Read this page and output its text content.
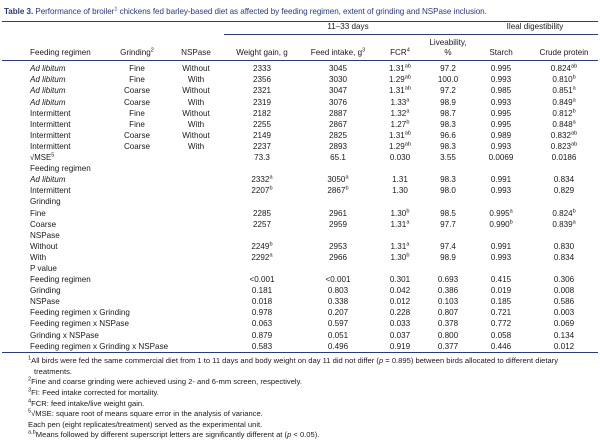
Table 3. Performance of broiler$^1$ chickens fed barley-based diet as affected by feeding regimen, extent of grinding and NSPase inclusion.
			11–33 days				Ileal digestibility	

						Liveability,		
Feeding regimen	Grinding$^2$	NSPase	Weight gain, g	Feed intake, $g^3$	FCR$^4$	%	Starch	Crude protein

Ad libitum	Fine	Without	2333	3045	1.31$^{ab}$	97.2	0.995	0.824$^{ab}$
Ad libitum	Fine	With	2356	3030	1.29$^{ab}$	100.0	0.993	0.810$^b$
Ad libitum	Coarse	Without	2321	3047	1.31$^{ab}$	97.2	0.985	0.851$^a$
Ad libitum	Coarse	With	2319	3076	1.33$^a$	98.9	0.993	0.849$^a$
Intermittent	Fine	Without	2182	2887	1.32$^a$	98.7	0.995	0.812$^b$
Intermittent	Fine	With	2255	2867	1.27$^b$	98.3	0.995	0.848$^a$
Intermittent	Coarse	Without	2149	2825	1.31$^{ab}$	96.6	0.989	0.832$^{ab}$
Intermittent	Coarse	With	2237	2893	1.29$^{ab}$	98.3	0.993	0.823$^{ab}$
√MSE$^5$			73.3	65.1	0.030	3.55	0.0069	0.0186
Feeding regimen								
Ad libitum			2332$^a$	3050$^a$	1.31	98.3	0.991	0.834
Intermittent			2207$^b$	2867$^b$	1.30	98.0	0.993	0.829
Grinding								
Fine			2285	2961	1.30$^b$	98.5	0.995$^a$	0.824$^b$
Coarse			2257	2959	1.31$^a$	97.7	0.990$^b$	0.839$^a$
NSPase								
Without			2249$^b$	2953	1.31$^a$	97.4	0.991	0.830
With			2292$^a$	2966	1.30$^b$	98.9	0.993	0.834
P value								
Feeding regimen			<0.001	<0.001	0.301	0.693	0.415	0.306
Grinding			0.181	0.803	0.042	0.386	0.019	0.008
NSPase			0.018	0.338	0.012	0.103	0.185	0.586
Feeding regimen x Grinding			0.978	0.207	0.228	0.807	0.721	0.003
Feeding regimen x NSPase			0.063	0.597	0.033	0.378	0.772	0.069
Grinding x NSPase			0.879	0.051	0.037	0.800	0.058	0.134
Feeding regimen x Grinding x NSPase			0.583	0.496	0.919	0.377	0.446	0.012
$^1$All birds were fed the same commercial diet from 1 to 11 days and body weight on day 11 did not differ (p = 0.895) between birds allocated to different dietary treatments.
$^2$Fine and coarse grinding were achieved using 2- and 6-mm screen, respectively.
$^3$FI: Feed intake corrected for mortality.
$^4$FCR: feed intake/live weight gain.
$^5$√MSE: square root of means square error in the analysis of variance.
Each pen (eight replicates/treatment) served as the experimental unit.
$^{a,b}$Means followed by different superscript letters are significantly different at (p < 0.05).
